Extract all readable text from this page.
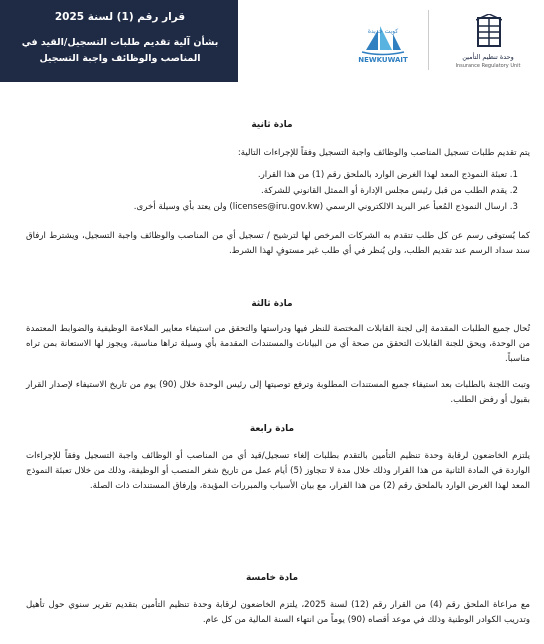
قرار رقم (1) لسنة 2025
بشأن آلية تقديم طلبات التسجيل/القيد في المناصب والوظائف واجبة التسجيل
كويت جديدة
NEWKUWAIT	وحدة تنظيم التأمين
Insurance Regulatory Unit
مادة ثانية
يتم تقديم طلبات تسجيل المناصب والوظائف واجبة التسجيل وفقاً للإجراءات التالية:
1. تعبئة النموذج المعد لهذا الغرض الوارد بالملحق رقم (1) من هذا القرار.
2. يقدم الطلب من قبل رئيس مجلس الإدارة أو الممثل القانوني للشركة.
3. ارسال النموذج المُعبأ عبر البريد الالكتروني الرسمي (licenses@iru.gov.kw) ولن يعتد بأي وسيلة أخرى.
كما يُستوفى رسم عن كل طلب تتقدم به الشركات المرخص لها لترشيح / تسجيل أي من المناصب والوظائف واجبة التسجيل، ويشترط ارفاق سند سداد الرسم عند تقديم الطلب، ولن يُنظر في أي طلب غير مستوفٍ لهذا الشرط.
مادة ثالثة
تُحال جميع الطلبات المقدمة إلى لجنة القابلات المختصة للنظر فيها ودراستها والتحقق من استيفاء معايير الملاءمة الوظيفية والضوابط المعتمدة من الوحدة، ويحق للجنة القابلات التحقق من صحة أي من البيانات والمستندات المقدمة بأي وسيلة تراها مناسبة، ويجوز لها الاستعانة بمن تراه مناسباً.
وتبت اللجنة بالطلبات بعد استيفاء جميع المستندات المطلوبة وترفع توصيتها إلى رئيس الوحدة خلال (90) يوم من تاريخ الاستيفاء لإصدار القرار بقبول أو رفض الطلب.
مادة رابعة
يلتزم الخاضعون لرقابة وحدة تنظيم التأمين بالتقدم بطلبات إلغاء تسجيل/قيد أي من المناصب أو الوظائف واجبة التسجيل وفقاً للإجراءات الواردة في المادة الثانية من هذا القرار وذلك خلال مدة لا تتجاوز (5) أيام عمل من تاريخ شغر المنصب أو الوظيفة، وذلك من خلال تعبئة النموذج المعد لهذا الغرض الوارد بالملحق رقم (2) من هذا القرار، مع بيان الأسباب والمبررات المؤيدة، وإرفاق المستندات ذات الصلة.
مادة خامسة
مع مراعاة الملحق رقم (4) من القرار رقم (12) لسنة 2025، يلتزم الخاضعون لرقابة وحدة تنظيم التأمين بتقديم تقرير سنوي حول تأهيل وتدريب الكوادر الوطنية وذلك في موعد أقصاه (90) يوماً من انتهاء السنة المالية من كل عام.
